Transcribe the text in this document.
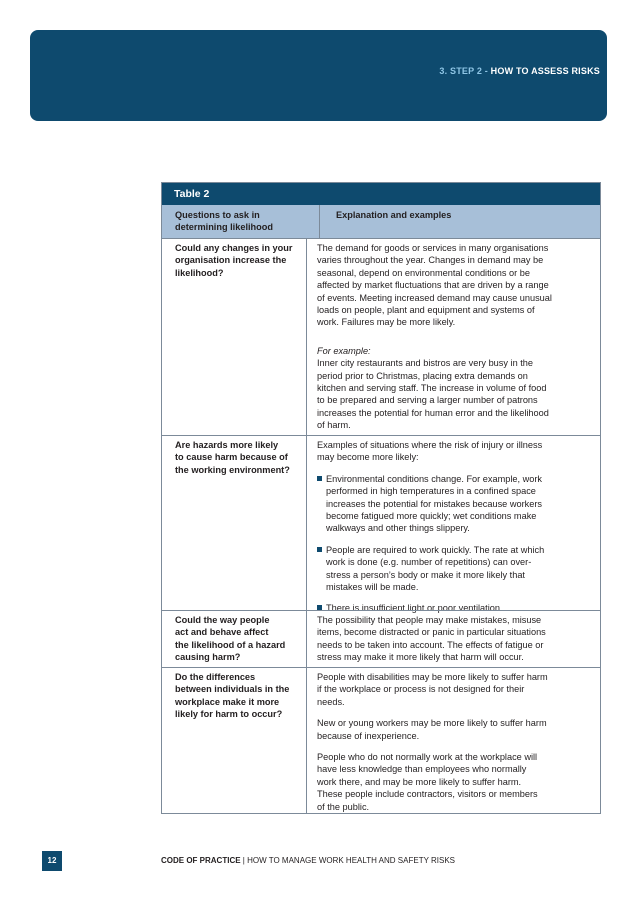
3. STEP 2 - HOW TO ASSESS RISKS
Table 2
Questions to ask in
determining likelihood
Explanation and examples
Could any changes in your
organisation increase the
likelihood?
The demand for goods or services in many organisations
varies throughout the year. Changes in demand may be
seasonal, depend on environmental conditions or be
affected by market fluctuations that are driven by a range
of events. Meeting increased demand may cause unusual
loads on people, plant and equipment and systems of
work. Failures may be more likely.
For example:
Inner city restaurants and bistros are very busy in the
period prior to Christmas, placing extra demands on
kitchen and serving staff. The increase in volume of food
to be prepared and serving a larger number of patrons
increases the potential for human error and the likelihood
of harm.
Are hazards more likely
to cause harm because of
the working environment?
Examples of situations where the risk of injury or illness
may become more likely:
Environmental conditions change. For example, work
performed in high temperatures in a confined space
increases the potential for mistakes because workers
become fatigued more quickly; wet conditions make
walkways and other things slippery.
People are required to work quickly. The rate at which
work is done (e.g. number of repetitions) can over-
stress a person’s body or make it more likely that
mistakes will be made.
There is insufficient light or poor ventilation.
Could the way people
act and behave affect
the likelihood of a hazard
causing harm?
The possibility that people may make mistakes, misuse
items, become distracted or panic in particular situations
needs to be taken into account. The effects of fatigue or
stress may make it more likely that harm will occur.
Do the differences
between individuals in the
workplace make it more
likely for harm to occur?
People with disabilities may be more likely to suffer harm
if the workplace or process is not designed for their
needs.
New or young workers may be more likely to suffer harm
because of inexperience.
People who do not normally work at the workplace will
have less knowledge than employees who normally
work there, and may be more likely to suffer harm.
These people include contractors, visitors or members
of the public.
12	CODE OF PRACTICE | HOW TO MANAGE WORK HEALTH AND SAFETY RISKS
